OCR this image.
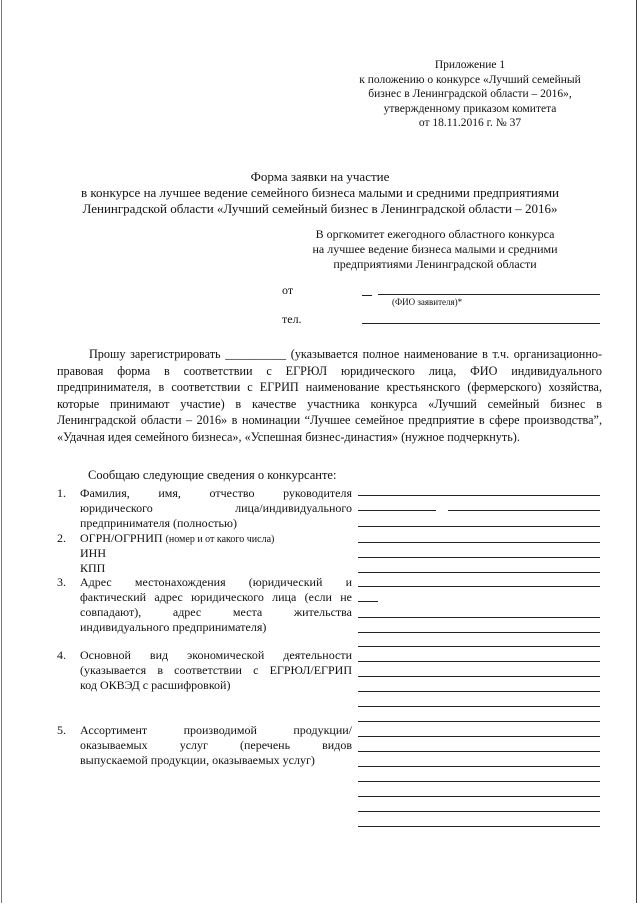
Приложение 1
к положению о конкурсе «Лучший семейный
бизнес в Ленинградской области – 2016»,
утвержденному приказом комитета
от 18.11.2016 г. № 37
Форма заявки на участие
в конкурсе на лучшее ведение семейного бизнеса малыми и средними предприятиями
Ленинградской области «Лучший семейный бизнес в Ленинградской области – 2016»
В оргкомитет ежегодного областного конкурса
на лучшее ведение бизнеса малыми и средними
предприятиями Ленинградской области
от
(ФИО заявителя)*
тел.
Прошу зарегистрировать __________ (указывается полное наименование в т.ч. организационно-правовая форма в соответствии с ЕГРЮЛ юридического лица, ФИО индивидуального предпринимателя, в соответствии с ЕГРИП наименование крестьянского (фермерского) хозяйства, которые принимают участие) в качестве участника конкурса «Лучший семейный бизнес в Ленинградской области – 2016» в номинации “Лучшее семейное предприятие в сфере производства”, «Удачная идея семейного бизнеса», «Успешная бизнес-династия» (нужное подчеркнуть).
Сообщаю следующие сведения о конкурсанте:
1. Фамилия, имя, отчество руководителя
юридического лица/индивидуального
предпринимателя (полностью)
2. ОГРН/ОГРНИП (номер и от какого числа)
ИНН
КПП
3. Адрес местонахождения (юридический и
фактический адрес юридического лица (если не
совпадают), адрес места жительства
индивидуального предпринимателя)
4. Основной вид экономической деятельности
(указывается в соответствии с ЕГРЮЛ/ЕГРИП
код ОКВЭД с расшифровкой)
5. Ассортимент производимой продукции/
оказываемых услуг (перечень видов
выпускаемой продукции, оказываемых услуг)
